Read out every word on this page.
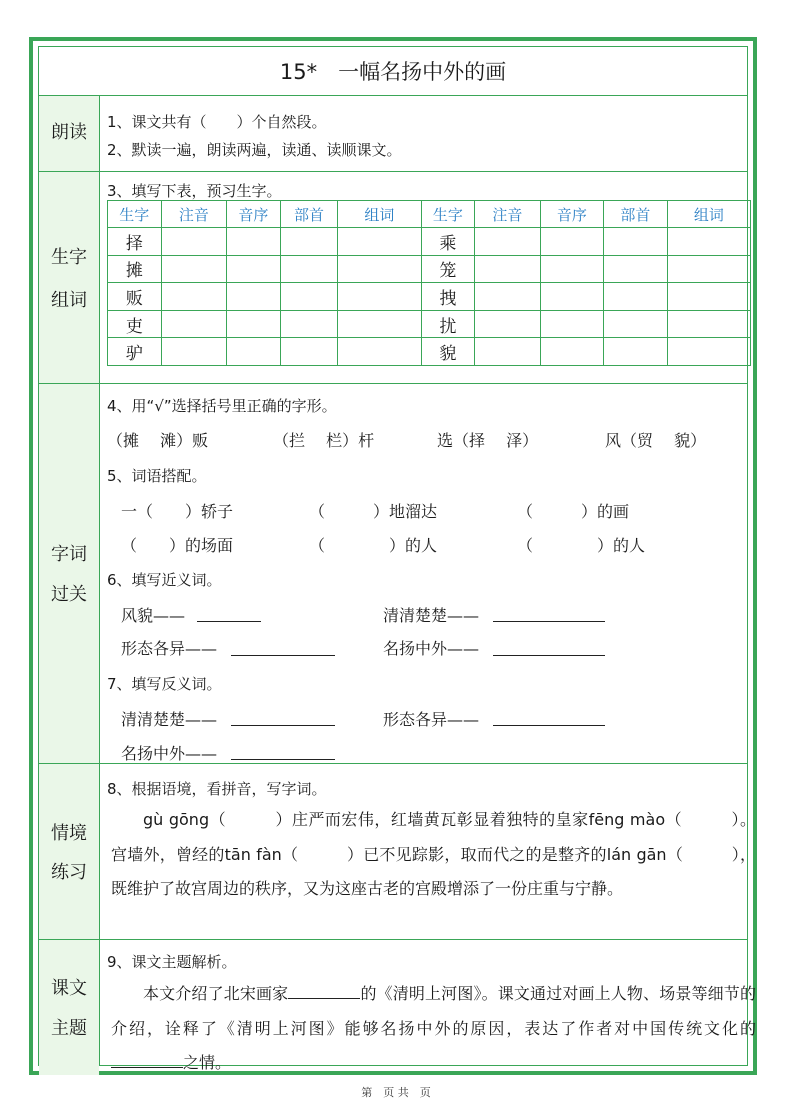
15*　一幅名扬中外的画
朗读
生字
组词
字词
过关
情境
练习
课文
主题
1、课文共有（　　）个自然段。
2、默读一遍，朗读两遍，读通、读顺课文。
3、填写下表，预习生字。
生字	注音	音序	部首	组词	生字	注音	音序	部首	组词
择					乘				
摊					笼				
贩					拽				
吏					扰				
驴					貌				
4、用“√”选择括号里正确的字形。
（摊　 滩）贩	（拦　 栏）杆	选（择　 泽）	风（贸　 貌）
5、词语搭配。
一（　　）轿子	（　　　）地溜达	（　　　）的画
（　　）的场面	（　　　　）的人	（　　　　）的人
6、填写近义词。
风貌——	清清楚楚——
形态各异——	名扬中外——
7、填写反义词。
清清楚楚——	形态各异——
名扬中外——
8、根据语境，看拼音，写字词。
gù gōng（　　　）庄严而宏伟，红墙黄瓦彰显着独特的皇家fēng mào（　　　）。宫墙外，曾经的tān fàn（　　　）已不见踪影，取而代之的是整齐的lán gān（　　　），既维护了故宫周边的秩序，又为这座古老的宫殿增添了一份庄重与宁静。
9、课文主题解析。
本文介绍了北宋画家	的《清明上河图》。课文通过对画上人物、场景等细节的介绍，诠释了《清明上河图》能够名扬中外的原因，表达了作者对中国传统文化的之情。
第　页 共　页
